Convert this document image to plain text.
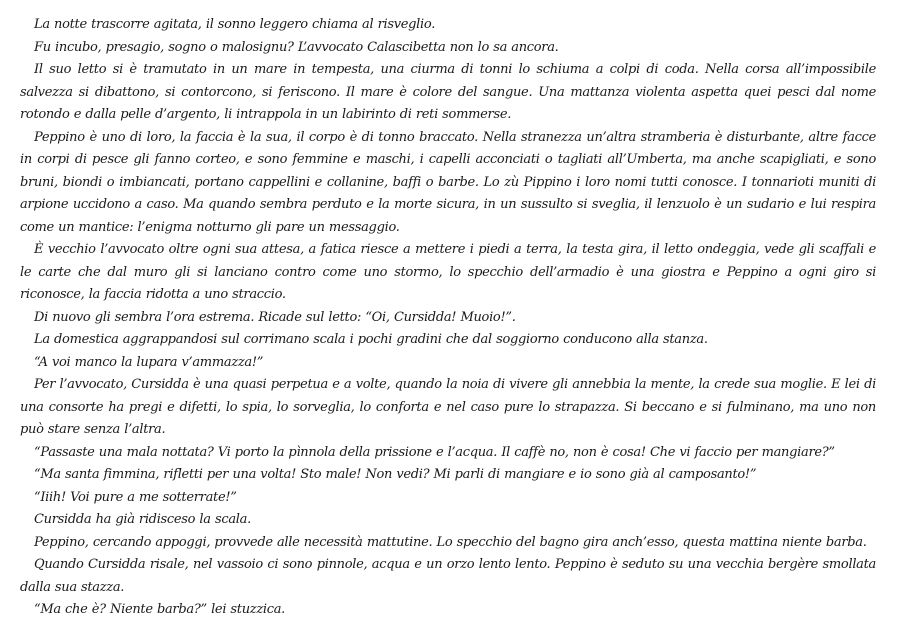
La notte trascorre agitata, il sonno leggero chiama al risveglio.

Fu incubo, presagio, sogno o malosignu? L’avvocato Calascibetta non lo sa ancora.

Il suo letto si è tramutato in un mare in tempesta, una ciurma di tonni lo schiuma a colpi di coda. Nella corsa all’impossibile salvezza si dibattono, si contorcono, si feriscono. Il mare è colore del sangue. Una mattanza violenta aspetta quei pesci dal nome rotondo e dalla pelle d’argento, li intrappola in un labirinto di reti sommerse.

Peppino è uno di loro, la faccia è la sua, il corpo è di tonno braccato. Nella stranezza un’altra stramberia è disturbante, altre facce in corpi di pesce gli fanno corteo, e sono femmine e maschi, i capelli acconciati o tagliati all’Umberta, ma anche scapigliati, e sono bruni, biondi o imbiancati, portano cappellini e collanine, baffi o barbe. Lo zù Pippino i loro nomi tutti conosce. I tonnarioti muniti di arpione uccidono a caso. Ma quando sembra perduto e la morte sicura, in un sussulto si sveglia, il lenzuolo è un sudario e lui respira come un mantice: l’enigma notturno gli pare un messaggio.

È vecchio l’avvocato oltre ogni sua attesa, a fatica riesce a mettere i piedi a terra, la testa gira, il letto ondeggia, vede gli scaffali e le carte che dal muro gli si lanciano contro come uno stormo, lo specchio dell’armadio è una giostra e Peppino a ogni giro si riconosce, la faccia ridotta a uno straccio.

Di nuovo gli sembra l’ora estrema. Ricade sul letto: “Oi, Cursidda! Muoio!”.

La domestica aggrappandosi sul corrimano scala i pochi gradini che dal soggiorno conducono alla stanza.

“A voi manco la lupara v’ammazza!”

Per l’avvocato, Cursidda è una quasi perpetua e a volte, quando la noia di vivere gli annebbia la mente, la crede sua moglie. E lei di una consorte ha pregi e difetti, lo spia, lo sorveglia, lo conforta e nel caso pure lo strapazza. Si beccano e si fulminano, ma uno non può stare senza l’altra.

“Passaste una mala nottata? Vi porto la pìnnola della prissione e l’acqua. Il caffè no, non è cosa! Che vi faccio per mangiare?”

“Ma santa fimmina, rifletti per una volta! Sto male! Non vedi? Mi parli di mangiare e io sono già al camposanto!”

“Iiih! Voi pure a me sotterrate!”

Cursidda ha già ridisceso la scala.

Peppino, cercando appoggi, provvede alle necessità mattutine. Lo specchio del bagno gira anch’esso, questa mattina niente barba.

Quando Cursidda risale, nel vassoio ci sono pinnole, acqua e un orzo lento lento. Peppino è seduto su una vecchia bergère smollata dalla sua stazza.

“Ma che è? Niente barba?” lei stuzzica.
